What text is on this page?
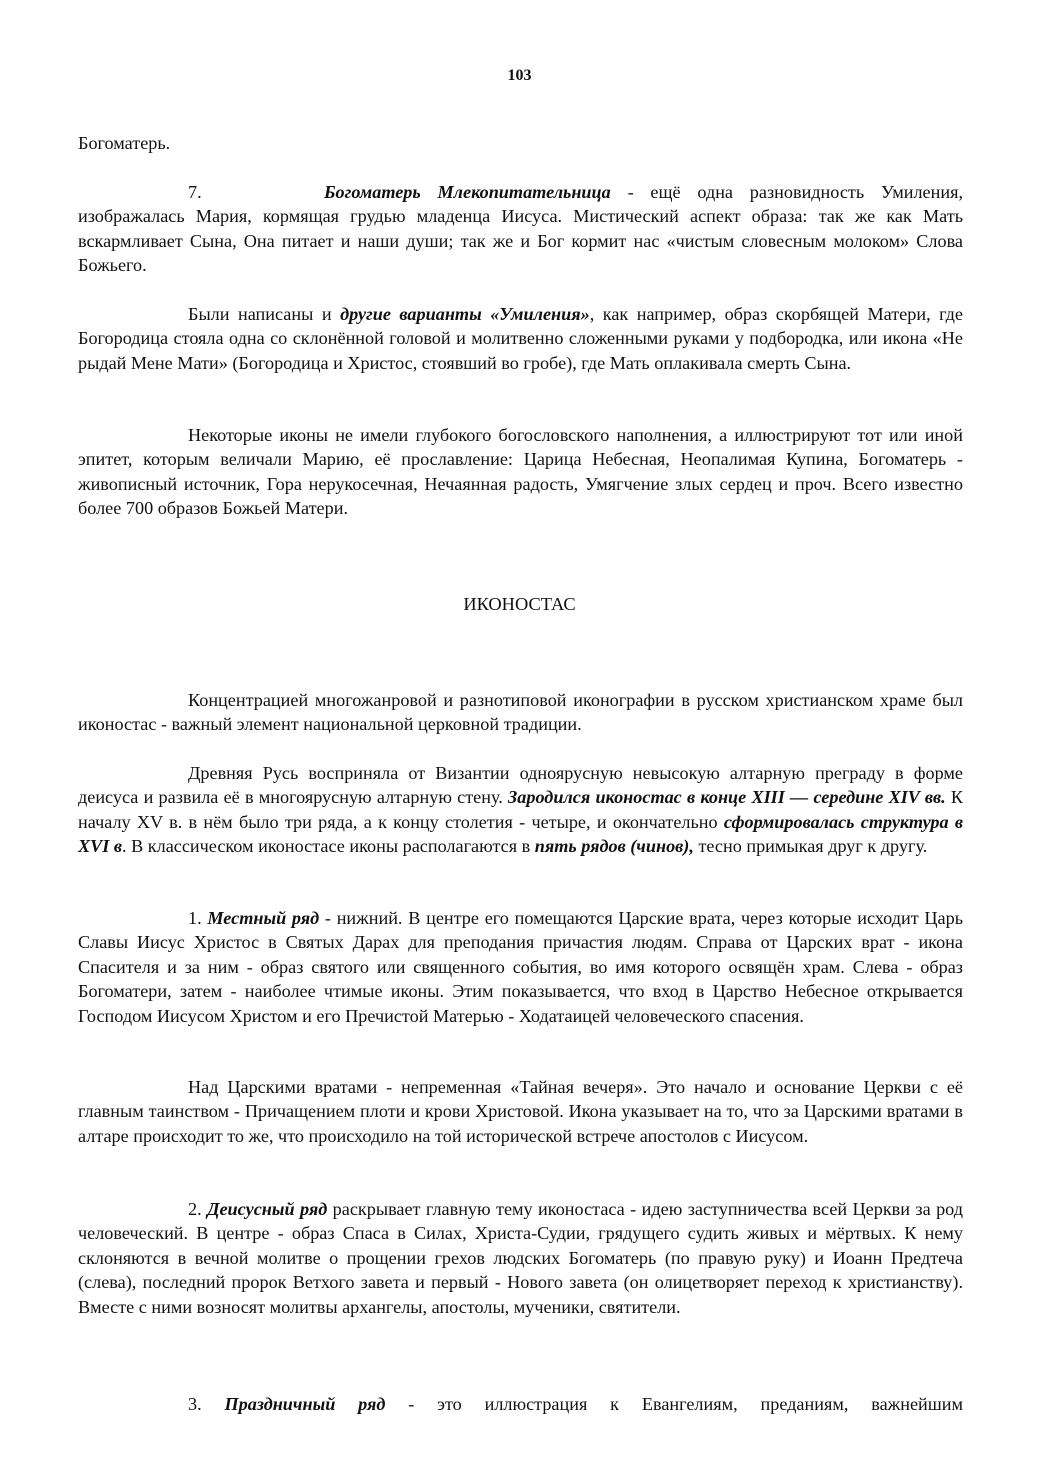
103

Богоматерь.

7.	Богоматерь Млекопитательница - ещё одна разновидность Умиления, изображалась Мария, кормящая грудью младенца Иисуса. Мистический аспект образа: так же как Мать вскармливает Сына, Она питает и наши души; так же и Бог кормит нас «чистым словесным молоком» Слова Божьего.

Были написаны и другие варианты «Умиления», как например, образ скорбящей Матери, где Богородица стояла одна со склонённой головой и молитвенно сложенными руками у подбородка, или икона «Не рыдай Мене Мати» (Богородица и Христос, стоявший во гробе), где Мать оплакивала смерть Сына.

Некоторые иконы не имели глубокого богословского наполнения, а иллюстрируют тот или иной эпитет, которым величали Марию, её прославление: Царица Небесная, Неопалимая Купина, Богоматерь - живописный источник, Гора нерукосечная, Нечаянная радость, Умягчение злых сердец и проч. Всего известно более 700 образов Божьей Матери.

ИКОНОСТАС

Концентрацией многожанровой и разнотиповой иконографии в русском христианском храме был иконостас - важный элемент национальной церковной традиции.

Древняя Русь восприняла от Византии одноярусную невысокую алтарную преграду в форме деисуса и развила её в многоярусную алтарную стену. Зародился иконостас в конце XIII — середине XIV вв. К началу XV в. в нём было три ряда, а к концу столетия - четыре, и окончательно сформировалась структура в XVI в. В классическом иконостасе иконы располагаются в пять рядов (чинов), тесно примыкая друг к другу.

1. Местный ряд - нижний. В центре его помещаются Царские врата, через которые исходит Царь Славы Иисус Христос в Святых Дарах для преподания причастия людям. Справа от Царских врат - икона Спасителя и за ним - образ святого или священного события, во имя которого освящён храм. Слева - образ Богоматери, затем - наиболее чтимые иконы. Этим показывается, что вход в Царство Небесное открывается Господом Иисусом Христом и его Пречистой Матерью - Ходатаицей человеческого спасения.

Над Царскими вратами - непременная «Тайная вечеря». Это начало и основание Церкви с её главным таинством - Причащением плоти и крови Христовой. Икона указывает на то, что за Царскими вратами в алтаре происходит то же, что происходило на той исторической встрече апостолов с Иисусом.

2. Деисусный ряд раскрывает главную тему иконостаса - идею заступничества всей Церкви за род человеческий. В центре - образ Спаса в Силах, Христа-Судии, грядущего судить живых и мёртвых. К нему склоняются в вечной молитве о прощении грехов людских Богоматерь (по правую руку) и Иоанн Предтеча (слева), последний пророк Ветхого завета и первый - Нового завета (он олицетворяет переход к христианству). Вместе с ними возносят молитвы архангелы, апостолы, мученики, святители.

3. Праздничный ряд - это иллюстрация к Евангелиям, преданиям, важнейшим
